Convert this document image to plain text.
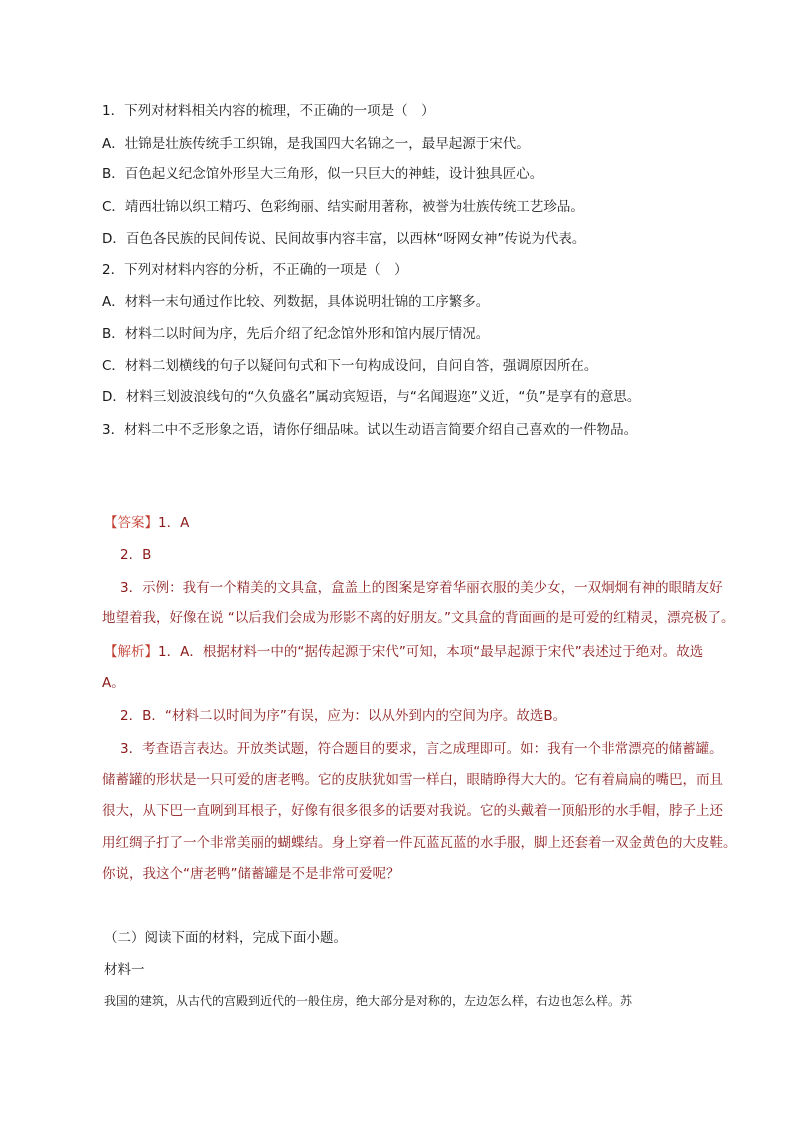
1．下列对材料相关内容的梳理，不正确的一项是（　）
A．壮锦是壮族传统手工织锦，是我国四大名锦之一，最早起源于宋代。
B．百色起义纪念馆外形呈大三角形，似一只巨大的神蛙，设计独具匠心。
C．靖西壮锦以织工精巧、色彩绚丽、结实耐用著称，被誉为壮族传统工艺珍品。
D．百色各民族的民间传说、民间故事内容丰富，以西林“呀网女神”传说为代表。
2．下列对材料内容的分析，不正确的一项是（　）
A．材料一末句通过作比较、列数据，具体说明壮锦的工序繁多。
B．材料二以时间为序，先后介绍了纪念馆外形和馆内展厅情况。
C．材料二划横线的句子以疑问句式和下一句构成设问，自问自答，强调原因所在。
D．材料三划波浪线句的“久负盛名”属动宾短语，与“名闻遐迩”义近，“负”是享有的意思。
3．材料二中不乏形象之语，请你仔细品味。试以生动语言简要介绍自己喜欢的一件物品。
【答案】1．A
2．B
3．示例：我有一个精美的文具盒，盒盖上的图案是穿着华丽衣服的美少女，一双炯炯有神的眼睛友好
地望着我，好像在说 “以后我们会成为形影不离的好朋友。”文具盒的背面画的是可爱的红精灵，漂亮极了。
【解析】1．A．根据材料一中的“据传起源于宋代”可知，本项“最早起源于宋代”表述过于绝对。故选
A。
2．B．“材料二以时间为序”有误，应为：以从外到内的空间为序。故选B。
3．考查语言表达。开放类试题，符合题目的要求，言之成理即可。如：我有一个非常漂亮的储蓄罐。
储蓄罐的形状是一只可爱的唐老鸭。它的皮肤犹如雪一样白，眼睛睁得大大的。它有着扁扁的嘴巴，而且
很大，从下巴一直咧到耳根子，好像有很多很多的话要对我说。它的头戴着一顶船形的水手帽，脖子上还
用红绸子打了一个非常美丽的蝴蝶结。身上穿着一件瓦蓝瓦蓝的水手服，脚上还套着一双金黄色的大皮鞋。
你说，我这个“唐老鸭”储蓄罐是不是非常可爱呢？
（二）阅读下面的材料，完成下面小题。
材料一
我国的建筑，从古代的宫殿到近代的一般住房，绝大部分是对称的，左边怎么样，右边也怎么样。苏
